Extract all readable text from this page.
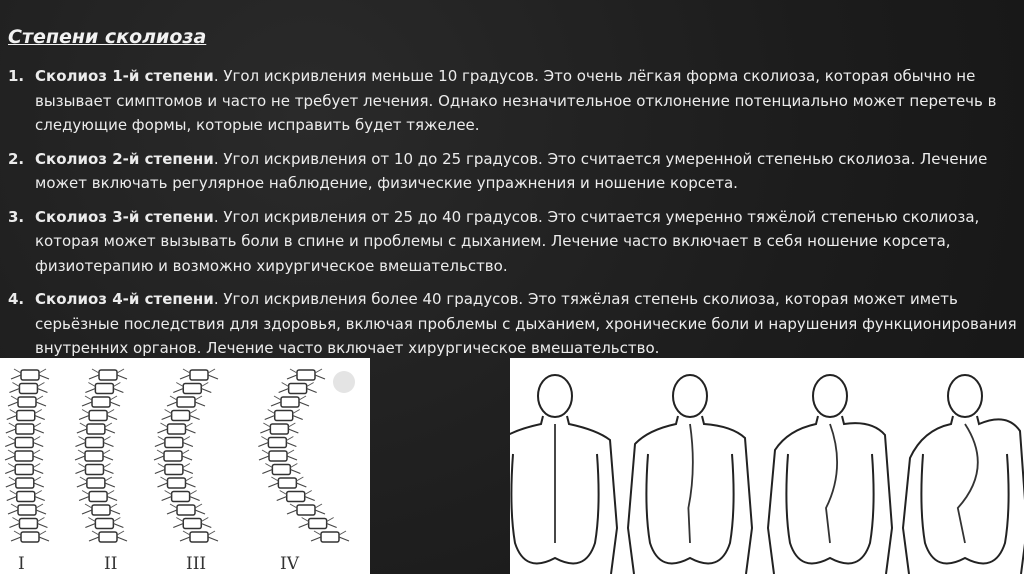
Степени сколиоза
1. Сколиоз 1-й степени. Угол искривления меньше 10 градусов. Это очень лёгкая форма сколиоза, которая обычно не вызывает симптомов и часто не требует лечения. Однако незначительное отклонение потенциально может перетечь в следующие формы, которые исправить будет тяжелее.
2. Сколиоз 2-й степени. Угол искривления от 10 до 25 градусов. Это считается умеренной степенью сколиоза. Лечение может включать регулярное наблюдение, физические упражнения и ношение корсета.
3. Сколиоз 3-й степени. Угол искривления от 25 до 40 градусов. Это считается умеренно тяжёлой степенью сколиоза, которая может вызывать боли в спине и проблемы с дыханием. Лечение часто включает в себя ношение корсета, физиотерапию и возможно хирургическое вмешательство.
4. Сколиоз 4-й степени. Угол искривления более 40 градусов. Это тяжёлая степень сколиоза, которая может иметь серьёзные последствия для здоровья, включая проблемы с дыханием, хронические боли и нарушения функционирования внутренних органов. Лечение часто включает хирургическое вмешательство.
I	II	III	IV
